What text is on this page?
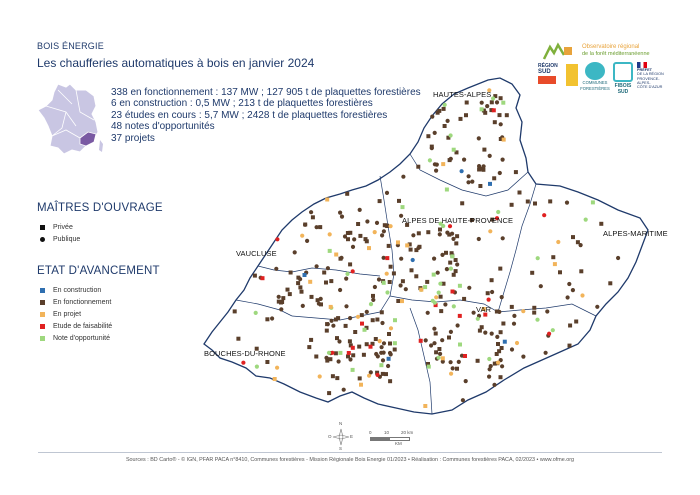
BOIS ÉNERGIE
Les chaufferies automatiques à bois en janvier 2024
338 en fonctionnement : 137 MW ; 127 905 t de plaquettes forestières
6 en construction : 0,5 MW ; 213 t de plaquettes forestières
23 études en cours : 5,7 MW ; 2428 t de plaquettes forestières
48 notes d'opportunités
37 projets
Observatoire régional
de la forêt méditerranéenne
RÉGION
SUD
COMMUNES
FORESTIÈRES FIBOIS SUD
PRÉFET
DE LA RÉGION
PROVENCE-ALPES-
CÔTE D'AZUR
MAÎTRES D'OUVRAGE
Privée
Publique
ETAT D'AVANCEMENT
En construction
En fonctionnement
En projet
Etude de faisabilité
Note d'opportunité
HAUTES-ALPES
ALPES DE HAUTE-PROVENCE
ALPES-MARITIME
VAUCLUSE
VAR
BOUCHES-DU-RHONE
N
E
S
O
0	10	20 km
KM
Sources : BD Carto® - © IGN, PFAR PACA n°8410, Communes forestières - Mission Régionale Bois Energie 01/2023 • Réalisation : Communes forestières PACA, 02/2023 • www.ofme.org
